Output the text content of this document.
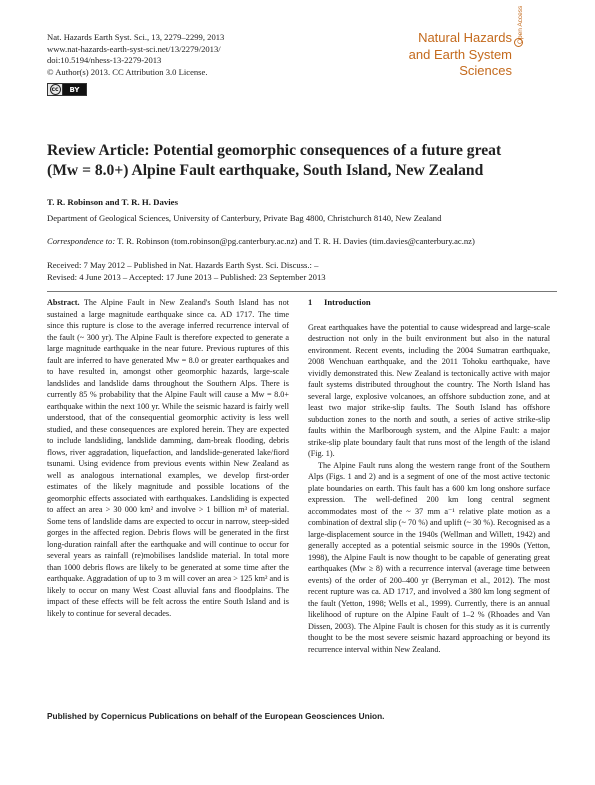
Nat. Hazards Earth Syst. Sci., 13, 2279–2299, 2013
www.nat-hazards-earth-syst-sci.net/13/2279/2013/
doi:10.5194/nhess-13-2279-2013
© Author(s) 2013. CC Attribution 3.0 License.
cc	BY
Natural Hazards
and Earth System
Sciences
Open Access
Review Article: Potential geomorphic consequences of a future great
(Mw = 8.0+) Alpine Fault earthquake, South Island, New Zealand
T. R. Robinson and T. R. H. Davies
Department of Geological Sciences, University of Canterbury, Private Bag 4800, Christchurch 8140, New Zealand
Correspondence to: T. R. Robinson (tom.robinson@pg.canterbury.ac.nz) and T. R. H. Davies (tim.davies@canterbury.ac.nz)
Received: 7 May 2012 – Published in Nat. Hazards Earth Syst. Sci. Discuss.: –
Revised: 4 June 2013 – Accepted: 17 June 2013 – Published: 23 September 2013

Abstract. The Alpine Fault in New Zealand's South Island has not sustained a large magnitude earthquake since ca. AD 1717. The time since this rupture is close to the average inferred recurrence interval of the fault (~ 300 yr). The Alpine Fault is therefore expected to generate a large magnitude earthquake in the near future. Previous ruptures of this fault are inferred to have generated Mw = 8.0 or greater earthquakes and to have resulted in, amongst other geomorphic hazards, large-scale landslides and landslide dams throughout the Southern Alps. There is currently 85 % probability that the Alpine Fault will cause a Mw = 8.0+ earthquake within the next 100 yr. While the seismic hazard is fairly well understood, that of the consequential geomorphic activity is less well studied, and these consequences are explored herein. They are expected to include landsliding, landslide damming, dam-break flooding, debris flows, river aggradation, liquefaction, and landslide-generated lake/fiord tsunami. Using evidence from previous events within New Zealand as well as analogous international examples, we develop first-order estimates of the likely magnitude and possible locations of the geomorphic effects associated with earthquakes. Landsliding is expected to affect an area > 30 000 km² and involve > 1 billion m³ of material. Some tens of landslide dams are expected to occur in narrow, steep-sided gorges in the affected region. Debris flows will be generated in the first long-duration rainfall after the earthquake and will continue to occur for several years as rainfall (re)mobilises landslide material. In total more than 1000 debris flows are likely to be generated at some time after the earthquake. Aggradation of up to 3 m will cover an area > 125 km² and is likely to occur on many West Coast alluvial fans and floodplains. The impact of these effects will be felt across the entire South Island and is likely to continue for several decades.

1 Introduction

Great earthquakes have the potential to cause widespread and large-scale destruction not only in the built environment but also in the natural environment. Recent events, including the 2004 Sumatran earthquake, 2008 Wenchuan earthquake, and the 2011 Tohoku earthquake, have vividly demonstrated this. New Zealand is tectonically active with major fault systems distributed throughout the country. The North Island has several large, explosive volcanoes, an offshore subduction zone, and at least two major strike-slip faults. The South Island has offshore subduction zones to the north and south, a series of active strike-slip faults within the Marlborough system, and the Alpine Fault: a major strike-slip plate boundary fault that runs most of the length of the island (Fig. 1).

The Alpine Fault runs along the western range front of the Southern Alps (Figs. 1 and 2) and is a segment of one of the most active tectonic plate boundaries on earth. This fault has a 600 km long onshore surface expression. The well-defined 200 km long central segment accommodates most of the ~ 37 mm a⁻¹ relative plate motion as a combination of dextral slip (~ 70 %) and uplift (~ 30 %). Recognised as a large-displacement source in the 1940s (Wellman and Willett, 1942) and generally accepted as a potential seismic source in the 1990s (Yetton, 1998), the Alpine Fault is now thought to be capable of generating great earthquakes (Mw ≥ 8) with a recurrence interval (average time between events) of the order of 200–400 yr (Berryman et al., 2012). The most recent rupture was ca. AD 1717, and involved a 380 km long segment of the fault (Yetton, 1998; Wells et al., 1999). Currently, there is an annual likelihood of rupture on the Alpine Fault of 1–2 % (Rhoades and Van Dissen, 2003). The Alpine Fault is chosen for this study as it is currently thought to be the most severe seismic hazard approaching or beyond its recurrence interval within New Zealand.

Published by Copernicus Publications on behalf of the European Geosciences Union.
